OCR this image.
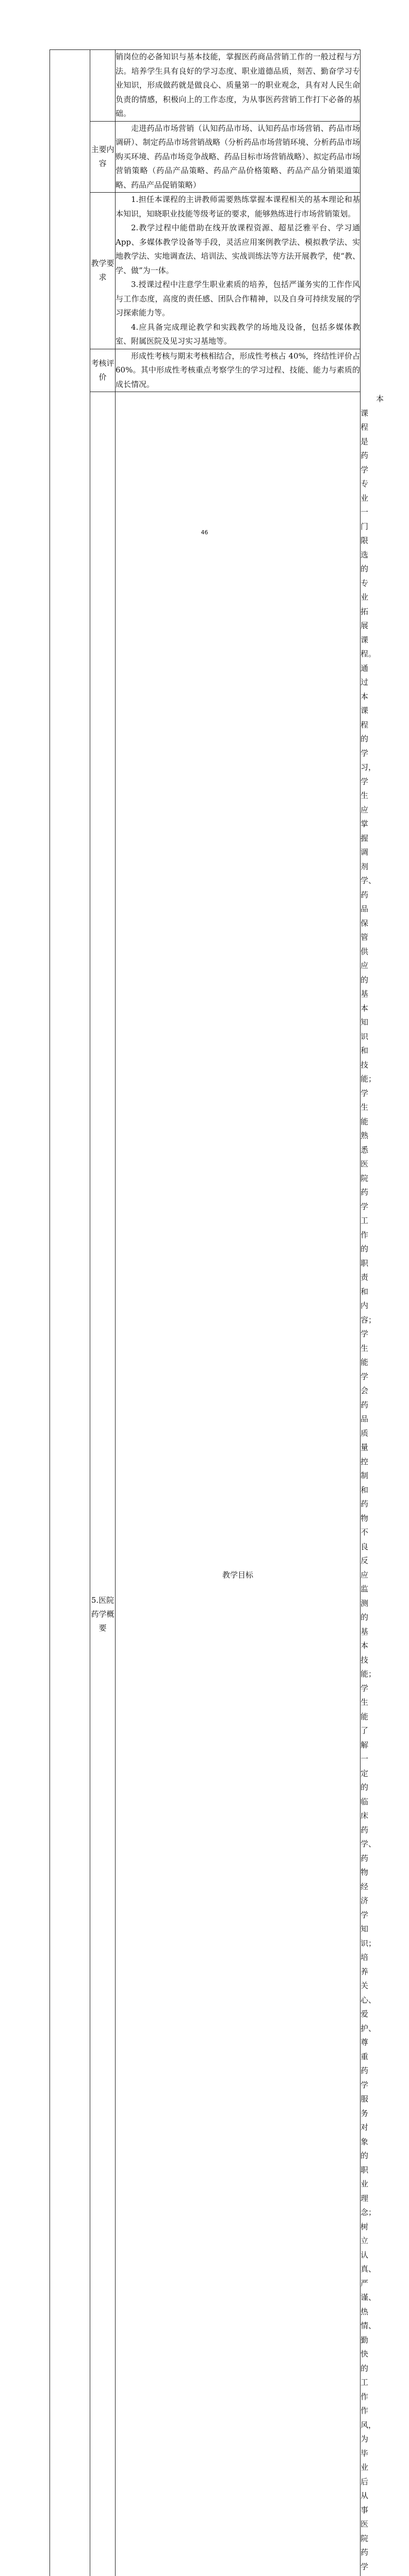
		销岗位的必备知识与基本技能，掌握医药商品营销工作的一般过程与方法。培养学生具有良好的学习态度、职业道德品质，刻苦、勤奋学习专业知识，形成做药就是做良心、质量第一的职业观念，具有对人民生命负责的情感，积极向上的工作态度，为从事医药营销工作打下必备的基础。	

	主要内容	走进药品市场营销（认知药品市场、认知药品市场营销、药品市场调研）、制定药品市场营销战略（分析药品市场营销环境、分析药品市场购买环境、药品市场竞争战略、药品目标市场营销战略）、拟定药品市场营销策略（药品产品策略、药品产品价格策略、药品产品分销渠道策略、药品产品促销策略）	

	教学要求	1.担任本课程的主讲教师需要熟练掌握本课程相关的基本理论和基本知识，知晓职业技能等级考证的要求，能够熟练进行市场营销策划。

2.教学过程中能借助在线开放课程资源、超星泛雅平台、学习通 App、多媒体教学设备等手段，灵活应用案例教学法、模拟教学法、实地教学法、实地调查法、培训法、实战训练法等方法开展教学，使“教、学、做”为一体。

3.授课过程中注意学生职业素质的培养，包括严谨务实的工作作风与工作态度，高度的责任感、团队合作精神，以及自身可持续发展的学习探索能力等。

4.应具备完成理论教学和实践教学的场地及设备，包括多媒体教室、附属医院及见习实习基地等。	

	考核评价	形成性考核与期末考核相结合，形成性考核占 40%，终结性评价占 60%。其中形成性考核重点考察学生的学习过程、技能、能力与素质的成长情况。	

	5.医院药学概要	教学目标	本课程是药学专业一门限选的专业拓展课程。通过本课程的学习，学生应掌握调剂学、药品保管供应的基本知识和技能；学生能熟悉医院药学工作的职责和内容；学生能学会药品质量控制和药物不良反应监测的基本技能；学生能了解一定的临床药学、药物经济学知识；培养关心、爱护、尊重药学服务对象的职业理念；树立认真、严谨、热情、勤快的工作作风，为毕业后从事医院药学

46
